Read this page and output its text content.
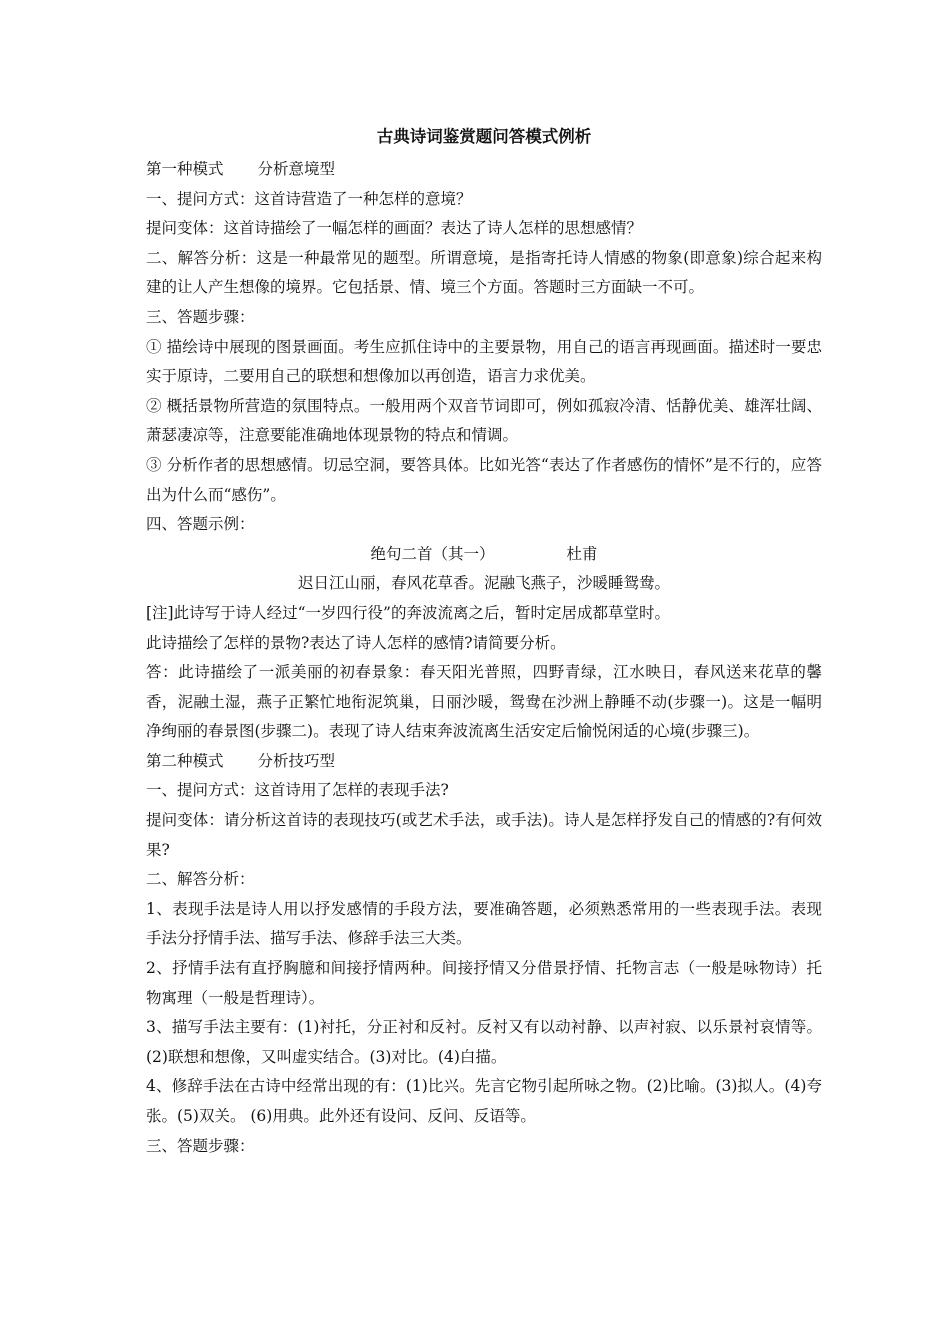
古典诗词鉴赏题问答模式例析

第一种模式 分析意境型

一、提问方式：这首诗营造了一种怎样的意境？

提问变体：这首诗描绘了一幅怎样的画面？表达了诗人怎样的思想感情？

二、解答分析：这是一种最常见的题型。所谓意境，是指寄托诗人情感的物象(即意象)综合起来构建的让人产生想像的境界。它包括景、情、境三个方面。答题时三方面缺一不可。

三、答题步骤：

① 描绘诗中展现的图景画面。考生应抓住诗中的主要景物，用自己的语言再现画面。描述时一要忠实于原诗，二要用自己的联想和想像加以再创造，语言力求优美。

② 概括景物所营造的氛围特点。一般用两个双音节词即可，例如孤寂冷清、恬静优美、雄浑壮阔、萧瑟凄凉等，注意要能准确地体现景物的特点和情调。

③ 分析作者的思想感情。切忌空洞，要答具体。比如光答“表达了作者感伤的情怀”是不行的，应答出为什么而“感伤”。

四、答题示例：

绝句二首（其一）	杜甫

迟日江山丽，春风花草香。泥融飞燕子，沙暖睡鸳鸯。

[注]此诗写于诗人经过“一岁四行役”的奔波流离之后，暂时定居成都草堂时。

此诗描绘了怎样的景物?表达了诗人怎样的感情?请简要分析。

答：此诗描绘了一派美丽的初春景象：春天阳光普照，四野青绿，江水映日，春风送来花草的馨香，泥融土湿，燕子正繁忙地衔泥筑巢，日丽沙暖，鸳鸯在沙洲上静睡不动(步骤一)。这是一幅明净绚丽的春景图(步骤二)。表现了诗人结束奔波流离生活安定后愉悦闲适的心境(步骤三)。

第二种模式 分析技巧型

一、提问方式：这首诗用了怎样的表现手法?

提问变体：请分析这首诗的表现技巧(或艺术手法，或手法)。诗人是怎样抒发自己的情感的?有何效果?

二、解答分析：

1、表现手法是诗人用以抒发感情的手段方法，要准确答题，必须熟悉常用的一些表现手法。表现手法分抒情手法、描写手法、修辞手法三大类。

2、抒情手法有直抒胸臆和间接抒情两种。间接抒情又分借景抒情、托物言志（一般是咏物诗）托物寓理（一般是哲理诗）。

3、描写手法主要有：(1)衬托，分正衬和反衬。反衬又有以动衬静、以声衬寂、以乐景衬哀情等。(2)联想和想像，又叫虚实结合。(3)对比。(4)白描。

4、修辞手法在古诗中经常出现的有：(1)比兴。先言它物引起所咏之物。(2)比喻。(3)拟人。(4)夸张。(5)双关。 (6)用典。此外还有设问、反问、反语等。

三、答题步骤：
